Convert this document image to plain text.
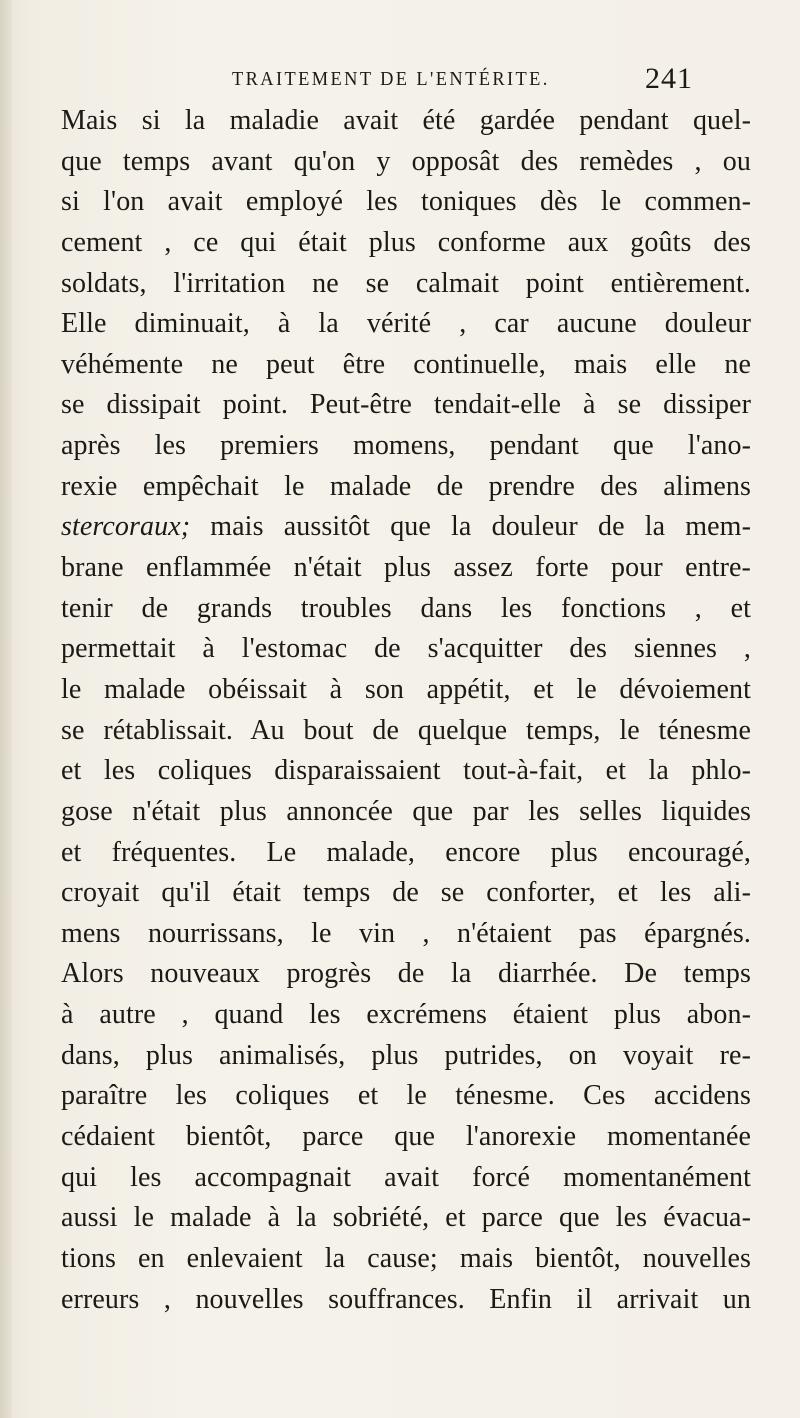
TRAITEMENT DE L'ENTÉRITE.	241
Mais si la maladie avait été gardée pendant quel-
que temps avant qu'on y opposât des remèdes , ou
si l'on avait employé les toniques dès le commen-
cement , ce qui était plus conforme aux goûts des
soldats, l'irritation ne se calmait point entièrement.
Elle diminuait, à la vérité , car aucune douleur
véhémente ne peut être continuelle, mais elle ne
se dissipait point. Peut-être tendait-elle à se dissiper
après les premiers momens, pendant que l'ano-
rexie empêchait le malade de prendre des alimens
stercoraux; mais aussitôt que la douleur de la mem-
brane enflammée n'était plus assez forte pour entre-
tenir de grands troubles dans les fonctions , et
permettait à l'estomac de s'acquitter des siennes ,
le malade obéissait à son appétit, et le dévoiement
se rétablissait. Au bout de quelque temps, le ténesme
et les coliques disparaissaient tout-à-fait, et la phlo-
gose n'était plus annoncée que par les selles liquides
et fréquentes. Le malade, encore plus encouragé,
croyait qu'il était temps de se conforter, et les ali-
mens nourrissans, le vin , n'étaient pas épargnés.
Alors nouveaux progrès de la diarrhée. De temps
à autre , quand les excrémens étaient plus abon-
dans, plus animalisés, plus putrides, on voyait re-
paraître les coliques et le ténesme. Ces accidens
cédaient bientôt, parce que l'anorexie momentanée
qui les accompagnait avait forcé momentanément
aussi le malade à la sobriété, et parce que les évacua-
tions en enlevaient la cause; mais bientôt, nouvelles
erreurs , nouvelles souffrances. Enfin il arrivait un
